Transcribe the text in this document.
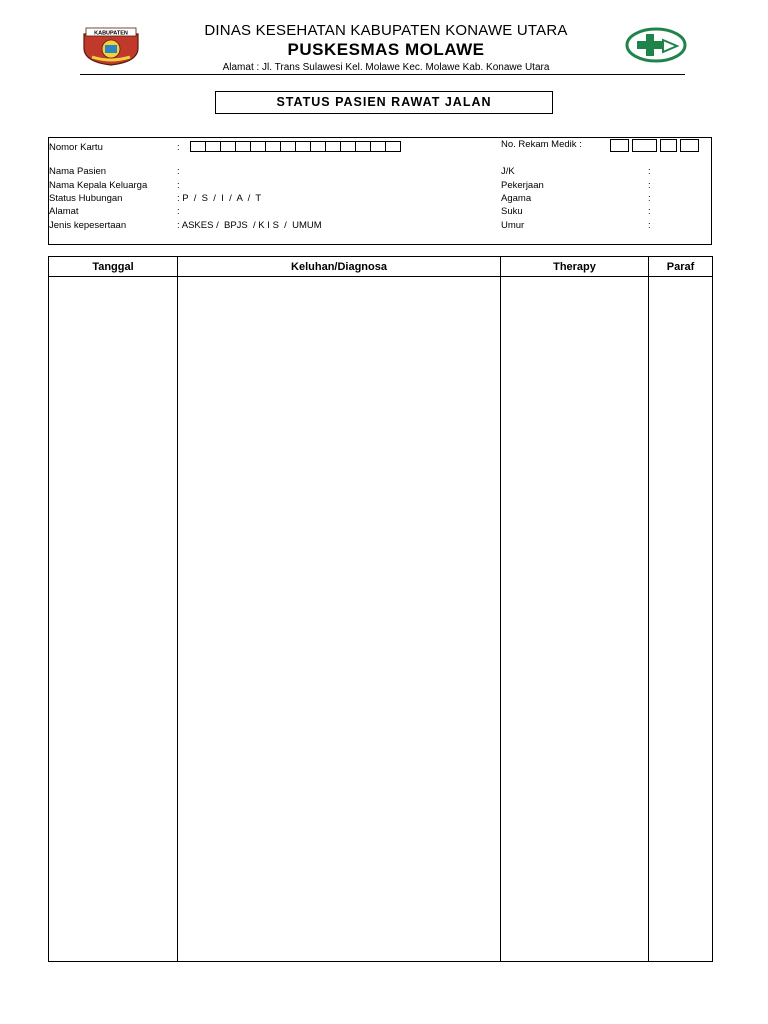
KABUPATEN	DINAS KESEHATAN KABUPATEN KONAWE UTARA
PUSKESMAS MOLAWE
Alamat : Jl. Trans Sulawesi Kel. Molawe Kec. Molawe Kab. Konawe Utara
STATUS PASIEN RAWAT JALAN
Nomor Kartu	:	No. Rekam Medik :
Nama Pasien	:
Nama Kepala Keluarga	:
Status Hubungan	: P  /  S  /  I  /  A  /  T
Alamat	:
Jenis kepesertaan	: ASKES /  BPJS  / K I S  /  UMUM
J/K	:
Pekerjaan	:
Agama	:
Suku	:
Umur	:
Tanggal	Keluhan/Diagnosa	Therapy	Paraf
